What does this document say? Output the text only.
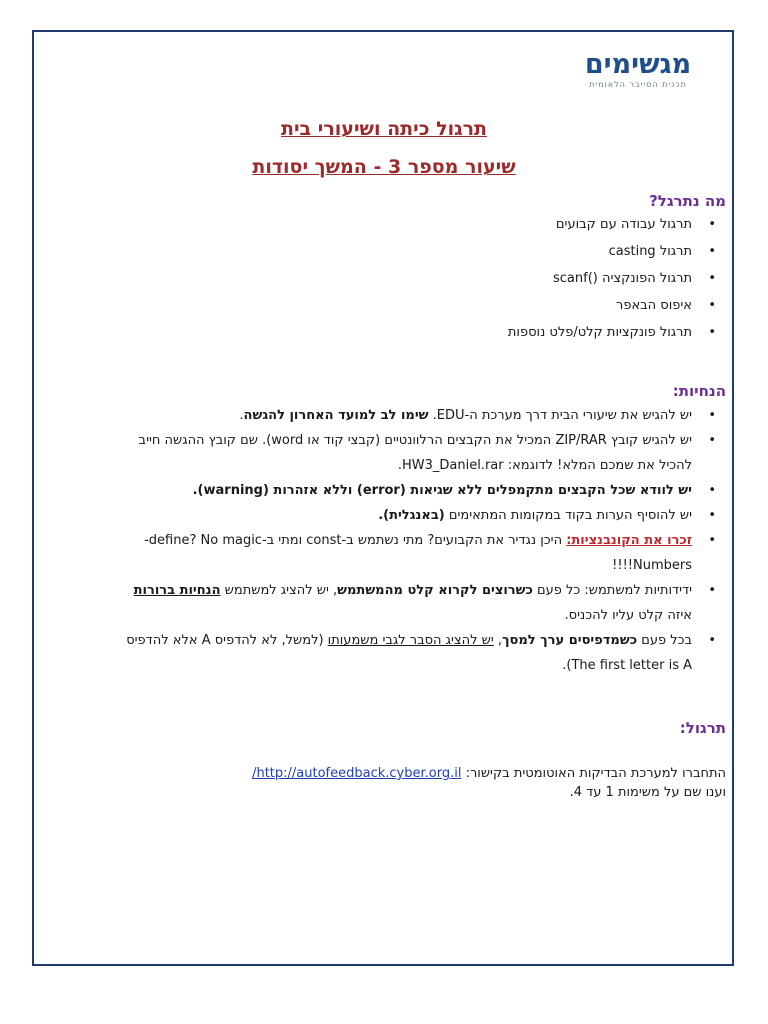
מגשימים
תכנית הסייבר הלאומית
תרגול כיתה ושיעורי בית
שיעור מספר 3 - המשך יסודות
מה נתרגל?
• תרגול עבודה עם קבועים
• תרגול casting
• תרגול הפונקציה ()scanf
• איפוס הבאפר
• תרגול פונקציות קלט/פלט נוספות
הנחיות:
• יש להגיש את שיעורי הבית דרך מערכת ה-EDU. שימו לב למועד האחרון להגשה.
• יש להגיש קובץ ZIP/RAR המכיל את הקבצים הרלוונטיים (קבצי קוד או word). שם קובץ ההגשה חייב
להכיל את שמכם המלא! לדוגמא: HW3_Daniel.rar.
• יש לוודא שכל הקבצים מתקמפלים ללא שגיאות (error) וללא אזהרות (warning).
• יש להוסיף הערות בקוד במקומות המתאימים (באנגלית).
• זכרו את הקונבנציות: היכן נגדיר את הקבועים? מתי נשתמש ב-const ומתי ב-define? No magic-
Numbers!!!!
• ידידותיות למשתמש: כל פעם כשרוצים לקרוא קלט מהמשתמש, יש להציג למשתמש הנחיות ברורות
איזה קלט עליו להכניס.
• בכל פעם כשמדפיסים ערך למסך, יש להציג הסבר לגבי משמעותו (למשל, לא להדפיס A אלא להדפיס
The first letter is A).
תרגול:
התחברו למערכת הבדיקות האוטומטית בקישור: http://autofeedback.cyber.org.il/
וענו שם על משימות 1 עד 4.
